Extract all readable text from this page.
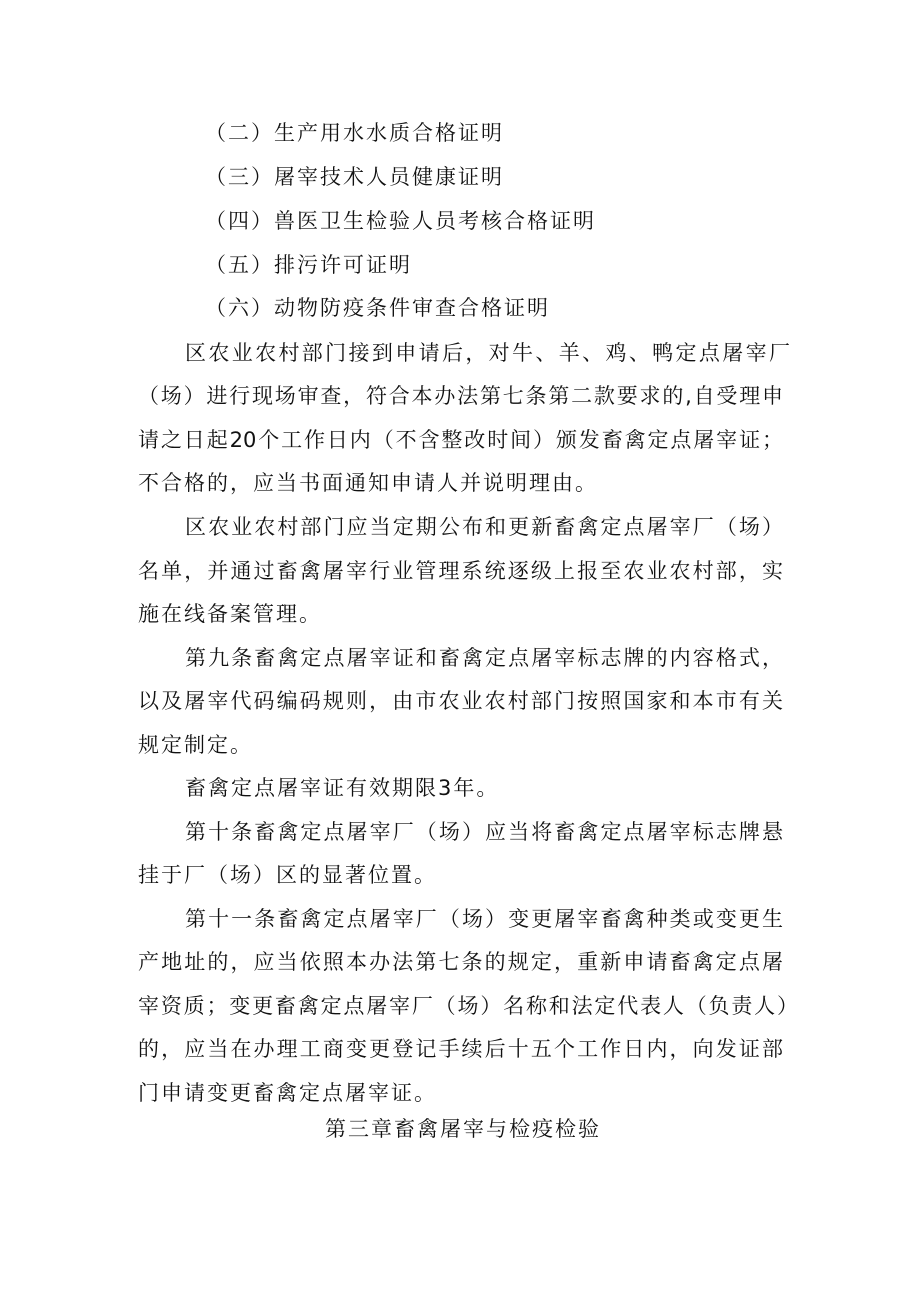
（二）生产用水水质合格证明
（三）屠宰技术人员健康证明
（四）兽医卫生检验人员考核合格证明
（五）排污许可证明
（六）动物防疫条件审查合格证明
区农业农村部门接到申请后，对牛、羊、鸡、鸭定点屠宰厂
（场）进行现场审查，符合本办法第七条第二款要求的,自受理申
请之日起20个工作日内（不含整改时间）颁发畜禽定点屠宰证；
不合格的，应当书面通知申请人并说明理由。
区农业农村部门应当定期公布和更新畜禽定点屠宰厂（场）
名单，并通过畜禽屠宰行业管理系统逐级上报至农业农村部，实
施在线备案管理。
第九条畜禽定点屠宰证和畜禽定点屠宰标志牌的内容格式，
以及屠宰代码编码规则，由市农业农村部门按照国家和本市有关
规定制定。
畜禽定点屠宰证有效期限3年。
第十条畜禽定点屠宰厂（场）应当将畜禽定点屠宰标志牌悬
挂于厂（场）区的显著位置。
第十一条畜禽定点屠宰厂（场）变更屠宰畜禽种类或变更生
产地址的，应当依照本办法第七条的规定，重新申请畜禽定点屠
宰资质；变更畜禽定点屠宰厂（场）名称和法定代表人（负责人）
的，应当在办理工商变更登记手续后十五个工作日内，向发证部
门申请变更畜禽定点屠宰证。
第三章畜禽屠宰与检疫检验
